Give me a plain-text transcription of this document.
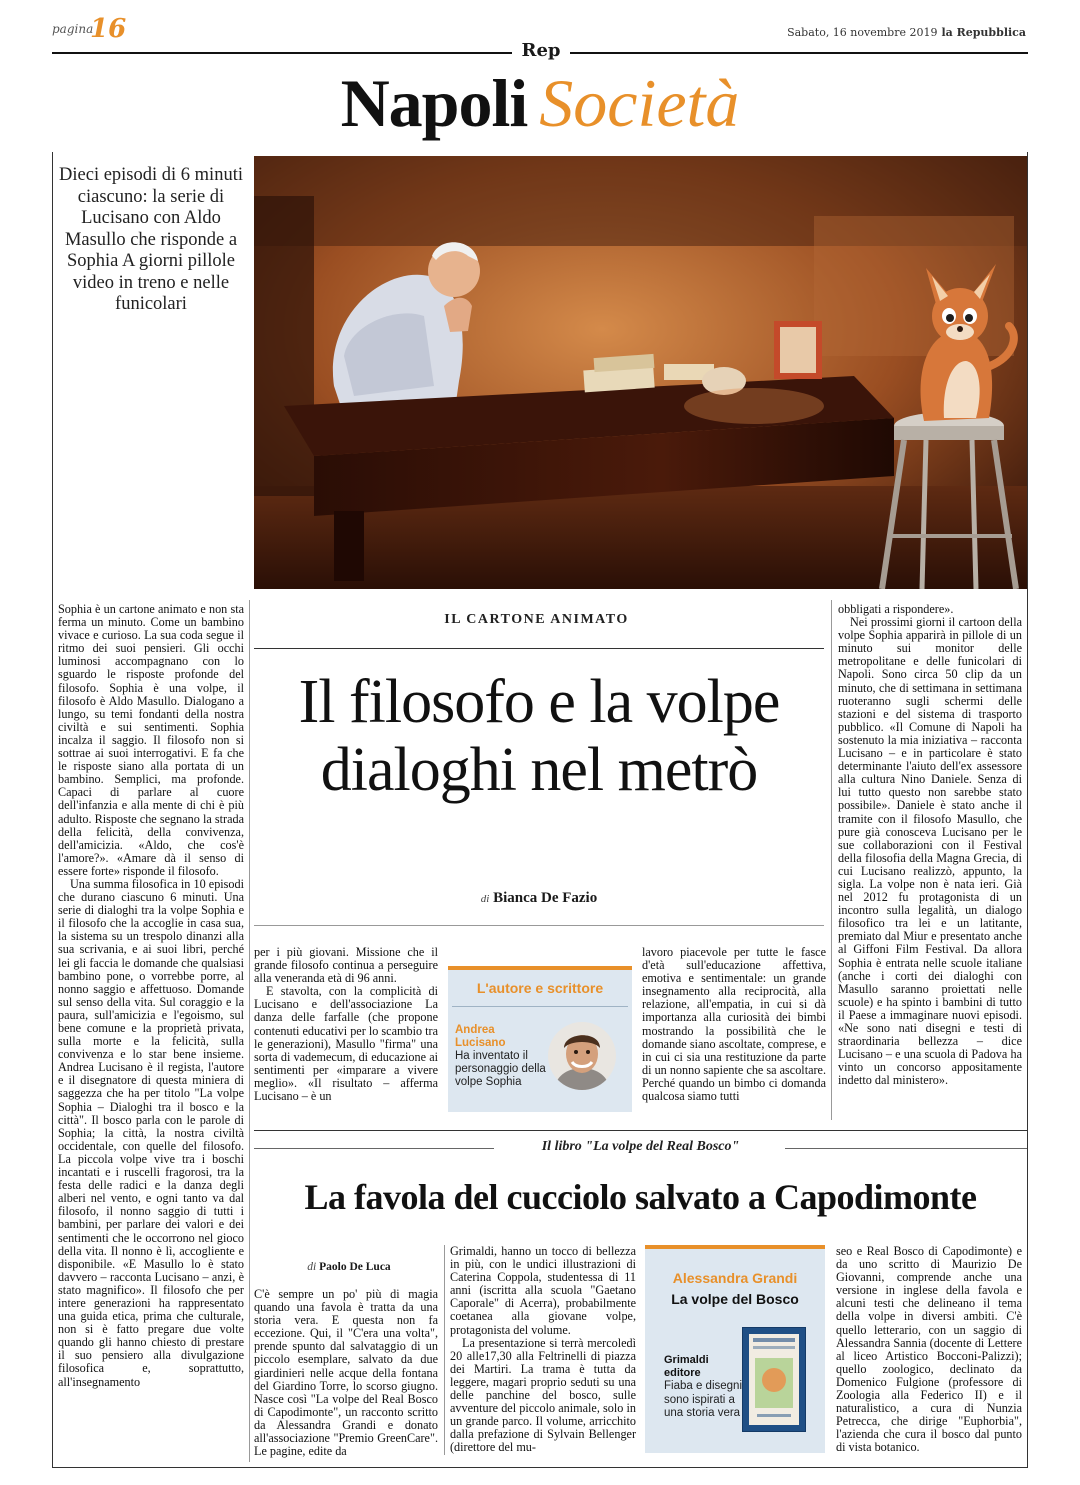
pagina
16	Sabato, 16 novembre 2019 la Repubblica
Rep
Napoli Società
Dieci episodi di 6 minuti ciascuno: la serie di Lucisano con Aldo Masullo che risponde a Sophia A giorni pillole video in treno e nelle funicolari

Sophia è un cartone animato e non sta ferma un minuto. Come un bambino vivace e curioso. La sua coda segue il ritmo dei suoi pensieri. Gli occhi luminosi accompagnano con lo sguardo le risposte profonde del filosofo. Sophia è una volpe, il filosofo è Aldo Masullo. Dialogano a lungo, su temi fondanti della nostra civiltà e sui sentimenti. Sophia incalza il saggio. Il filosofo non si sottrae ai suoi interrogativi. E fa che le risposte siano alla portata di un bambino. Semplici, ma profonde. Capaci di parlare al cuore dell'infanzia e alla mente di chi è più adulto. Risposte che segnano la strada della felicità, della convivenza, dell'amicizia. «Aldo, che cos'è l'amore?». «Amare dà il senso di essere forte» risponde il filosofo.

Una summa filosofica in 10 episodi che durano ciascuno 6 minuti. Una serie di dialoghi tra la volpe Sophia e il filosofo che la accoglie in casa sua, la sistema su un trespolo dinanzi alla sua scrivania, e ai suoi libri, perché lei gli faccia le domande che qualsiasi bambino pone, o vorrebbe porre, al nonno saggio e affettuoso. Domande sul senso della vita. Sul coraggio e la paura, sull'amicizia e l'egoismo, sul bene comune e la proprietà privata, sulla morte e la felicità, sulla convivenza e lo star bene insieme. Andrea Lucisano è il regista, l'autore e il disegnatore di questa miniera di saggezza che ha per titolo "La volpe Sophia – Dialoghi tra il bosco e la città". Il bosco parla con le parole di Sophia; la città, la nostra civiltà occidentale, con quelle del filosofo. La piccola volpe vive tra i boschi incantati e i ruscelli fragorosi, tra la festa delle radici e la danza degli alberi nel vento, e ogni tanto va dal filosofo, il nonno saggio di tutti i bambini, per parlare dei valori e dei sentimenti che le occorrono nel gioco della vita. Il nonno è lì, accogliente e disponibile. «E Masullo lo è stato davvero – racconta Lucisano – anzi, è stato magnifico». Il filosofo che per intere generazioni ha rappresentato una guida etica, prima che culturale, non si è fatto pregare due volte quando gli hanno chiesto di prestare il suo pensiero alla divulgazione filosofica e, soprattutto, all'insegnamento

IL CARTONE ANIMATO
Il filosofo e la volpe
dialoghi nel metrò
di Bianca De Fazio

per i più giovani. Missione che il grande filosofo continua a perseguire alla veneranda età di 96 anni.

E stavolta, con la complicità di Lucisano e dell'associazione La danza delle farfalle (che propone contenuti educativi per lo scambio tra le generazioni), Masullo "firma" una sorta di vademecum, di educazione ai sentimenti per «imparare a vivere meglio». «Il risultato – afferma Lucisano – è un

lavoro piacevole per tutte le fasce d'età sull'educazione affettiva, emotiva e sentimentale: un grande insegnamento alla reciprocità, alla relazione, all'empatia, in cui si dà importanza alla curiosità dei bimbi mostrando la possibilità che le domande siano ascoltate, comprese, e in cui ci sia una restituzione da parte di un nonno sapiente che sa ascoltare. Perché quando un bimbo ci domanda qualcosa siamo tutti

obbligati a rispondere».

Nei prossimi giorni il cartoon della volpe Sophia apparirà in pillole di un minuto sui monitor delle metropolitane e delle funicolari di Napoli. Sono circa 50 clip da un minuto, che di settimana in settimana ruoteranno sugli schermi delle stazioni e del sistema di trasporto pubblico. «Il Comune di Napoli ha sostenuto la mia iniziativa – racconta Lucisano – e in particolare è stato determinante l'aiuto dell'ex assessore alla cultura Nino Daniele. Senza di lui tutto questo non sarebbe stato possibile». Daniele è stato anche il tramite con il filosofo Masullo, che pure già conosceva Lucisano per le sue collaborazioni con il Festival della filosofia della Magna Grecia, di cui Lucisano realizzò, appunto, la sigla. La volpe non è nata ieri. Già nel 2012 fu protagonista di un incontro sulla legalità, un dialogo filosofico tra lei e un latitante, premiato dal Miur e presentato anche al Giffoni Film Festival. Da allora Sophia è entrata nelle scuole italiane (anche i corti dei dialoghi con Masullo saranno proiettati nelle scuole) e ha spinto i bambini di tutto il Paese a immaginare nuovi episodi. «Ne sono nati disegni e testi di straordinaria bellezza – dice Lucisano – e una scuola di Padova ha vinto un concorso appositamente indetto dal ministero».

L'autore e scrittore
Andrea
Lucisano
Ha inventato il personaggio della volpe Sophia
Il libro "La volpe del Real Bosco"
La favola del cucciolo salvato a Capodimonte
di Paolo De Luca

C'è sempre un po' più di magia quando una favola è tratta da una storia vera. E questa non fa eccezione. Qui, il "C'era una volta", prende spunto dal salvataggio di un piccolo esemplare, salvato da due giardinieri nelle acque della fontana del Giardino Torre, lo scorso giugno. Nasce così "La volpe del Real Bosco di Capodimonte", un racconto scritto da Alessandra Grandi e donato all'associazione "Premio GreenCare". Le pagine, edite da

Grimaldi, hanno un tocco di bellezza in più, con le undici illustrazioni di Caterina Coppola, studentessa di 11 anni (iscritta alla scuola "Gaetano Caporale" di Acerra), probabilmente coetanea alla giovane volpe, protagonista del volume.

La presentazione si terrà mercoledì 20 alle17,30 alla Feltrinelli di piazza dei Martiri. La trama è tutta da leggere, magari proprio seduti su una delle panchine del bosco, sulle avventure del piccolo animale, solo in un grande parco. Il volume, arricchito dalla prefazione di Sylvain Bellenger (direttore del mu-

seo e Real Bosco di Capodimonte) e da uno scritto di Maurizio De Giovanni, comprende anche una versione in inglese della favola e alcuni testi che delineano il tema della volpe in diversi ambiti. C'è quello letterario, con un saggio di Alessandra Sannia (docente di Lettere al liceo Artistico Bocconi-Palizzi); quello zoologico, declinato da Domenico Fulgione (professore di Zoologia alla Federico II) e il naturalistico, a cura di Nunzia Petrecca, che dirige "Euphorbia", l'azienda che cura il bosco dal punto di vista botanico.

Alessandra Grandi
La volpe del Bosco
Grimaldi
editore
Fiaba e disegni sono ispirati a una storia vera
